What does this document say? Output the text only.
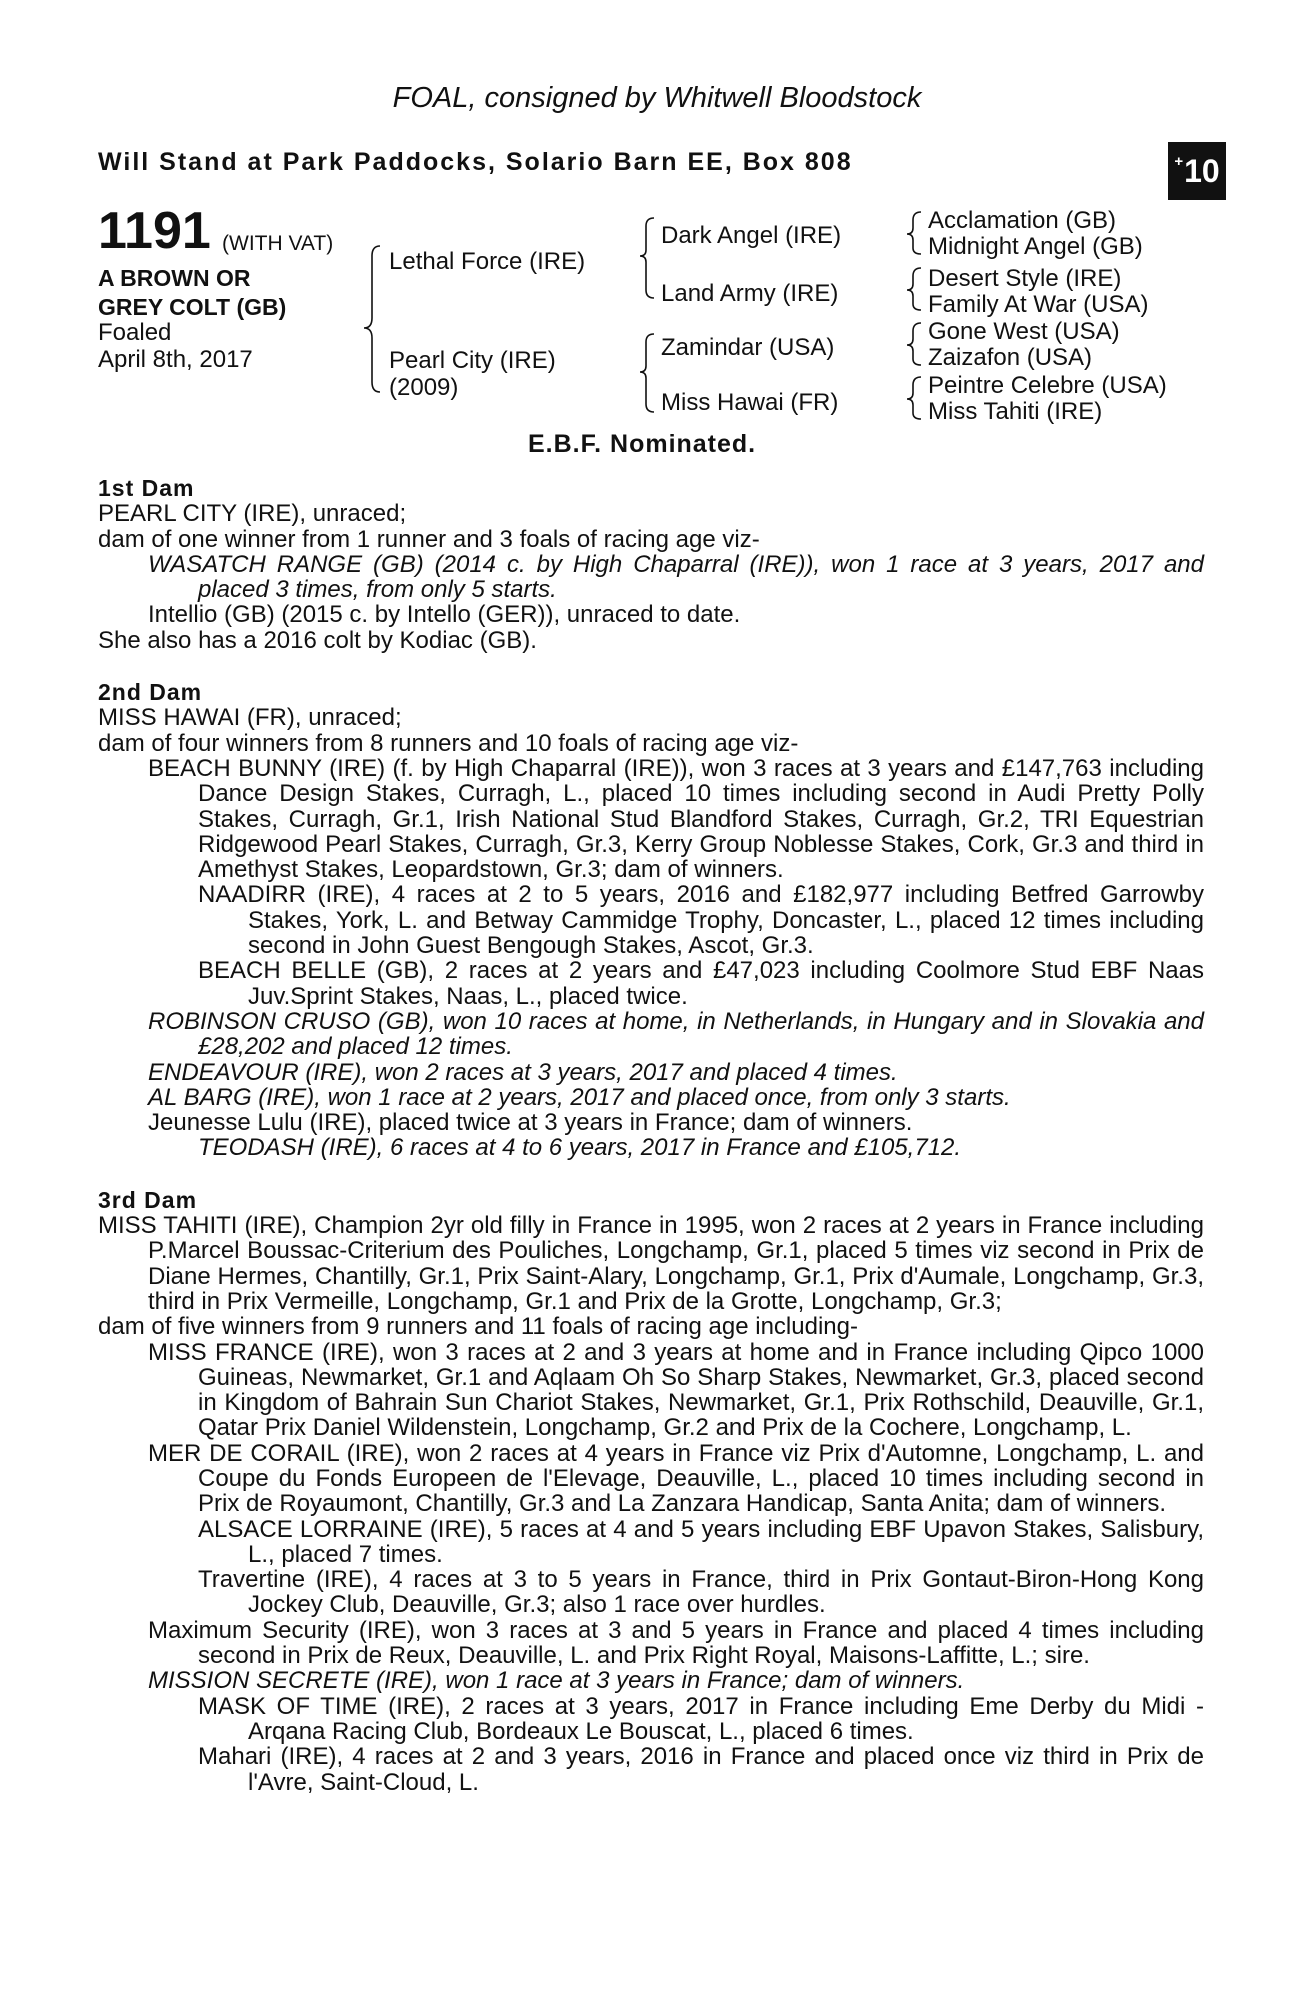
FOAL, consigned by Whitwell Bloodstock
Will Stand at Park Paddocks, Solario Barn EE, Box 808	+ 10
1191 (WITH VAT)
A BROWN OR
GREY COLT (GB)
Foaled
April 8th, 2017
Lethal Force (IRE)
Pearl City (IRE)
(2009)
Dark Angel (IRE)
Land Army (IRE)
Zamindar (USA)
Miss Hawai (FR)
Acclamation (GB)
Midnight Angel (GB)
Desert Style (IRE)
Family At War (USA)
Gone West (USA)
Zaizafon (USA)
Peintre Celebre (USA)
Miss Tahiti (IRE)
E.B.F. Nominated.

1st Dam

PEARL CITY (IRE), unraced;

dam of one winner from 1 runner and 3 foals of racing age viz-

WASATCH RANGE (GB) (2014 c. by High Chaparral (IRE)), won 1 race at 3 years, 2017 and placed 3 times, from only 5 starts.

Intellio (GB) (2015 c. by Intello (GER)), unraced to date.

She also has a 2016 colt by Kodiac (GB).

2nd Dam

MISS HAWAI (FR), unraced;

dam of four winners from 8 runners and 10 foals of racing age viz-

BEACH BUNNY (IRE) (f. by High Chaparral (IRE)), won 3 races at 3 years and £147,763 including Dance Design Stakes, Curragh, L., placed 10 times including second in Audi Pretty Polly Stakes, Curragh, Gr.1, Irish National Stud Blandford Stakes, Curragh, Gr.2, TRI Equestrian Ridgewood Pearl Stakes, Curragh, Gr.3, Kerry Group Noblesse Stakes, Cork, Gr.3 and third in Amethyst Stakes, Leopardstown, Gr.3; dam of winners.

NAADIRR (IRE), 4 races at 2 to 5 years, 2016 and £182,977 including Betfred Garrowby Stakes, York, L. and Betway Cammidge Trophy, Doncaster, L., placed 12 times including second in John Guest Bengough Stakes, Ascot, Gr.3.

BEACH BELLE (GB), 2 races at 2 years and £47,023 including Coolmore Stud EBF Naas Juv.Sprint Stakes, Naas, L., placed twice.

ROBINSON CRUSO (GB), won 10 races at home, in Netherlands, in Hungary and in Slovakia and £28,202 and placed 12 times.

ENDEAVOUR (IRE), won 2 races at 3 years, 2017 and placed 4 times.

AL BARG (IRE), won 1 race at 2 years, 2017 and placed once, from only 3 starts.

Jeunesse Lulu (IRE), placed twice at 3 years in France; dam of winners.

TEODASH (IRE), 6 races at 4 to 6 years, 2017 in France and £105,712.

3rd Dam

MISS TAHITI (IRE), Champion 2yr old filly in France in 1995, won 2 races at 2 years in France including P.Marcel Boussac-Criterium des Pouliches, Longchamp, Gr.1, placed 5 times viz second in Prix de Diane Hermes, Chantilly, Gr.1, Prix Saint-Alary, Longchamp, Gr.1, Prix d'Aumale, Longchamp, Gr.3, third in Prix Vermeille, Longchamp, Gr.1 and Prix de la Grotte, Longchamp, Gr.3;

dam of five winners from 9 runners and 11 foals of racing age including-

MISS FRANCE (IRE), won 3 races at 2 and 3 years at home and in France including Qipco 1000 Guineas, Newmarket, Gr.1 and Aqlaam Oh So Sharp Stakes, Newmarket, Gr.3, placed second in Kingdom of Bahrain Sun Chariot Stakes, Newmarket, Gr.1, Prix Rothschild, Deauville, Gr.1, Qatar Prix Daniel Wildenstein, Longchamp, Gr.2 and Prix de la Cochere, Longchamp, L.

MER DE CORAIL (IRE), won 2 races at 4 years in France viz Prix d'Automne, Longchamp, L. and Coupe du Fonds Europeen de l'Elevage, Deauville, L., placed 10 times including second in Prix de Royaumont, Chantilly, Gr.3 and La Zanzara Handicap, Santa Anita; dam of winners.

ALSACE LORRAINE (IRE), 5 races at 4 and 5 years including EBF Upavon Stakes, Salisbury, L., placed 7 times.

Travertine (IRE), 4 races at 3 to 5 years in France, third in Prix Gontaut-Biron-Hong Kong Jockey Club, Deauville, Gr.3; also 1 race over hurdles.

Maximum Security (IRE), won 3 races at 3 and 5 years in France and placed 4 times including second in Prix de Reux, Deauville, L. and Prix Right Royal, Maisons-Laffitte, L.; sire.

MISSION SECRETE (IRE), won 1 race at 3 years in France; dam of winners.

MASK OF TIME (IRE), 2 races at 3 years, 2017 in France including Eme Derby du Midi - Arqana Racing Club, Bordeaux Le Bouscat, L., placed 6 times.

Mahari (IRE), 4 races at 2 and 3 years, 2016 in France and placed once viz third in Prix de l'Avre, Saint-Cloud, L.
